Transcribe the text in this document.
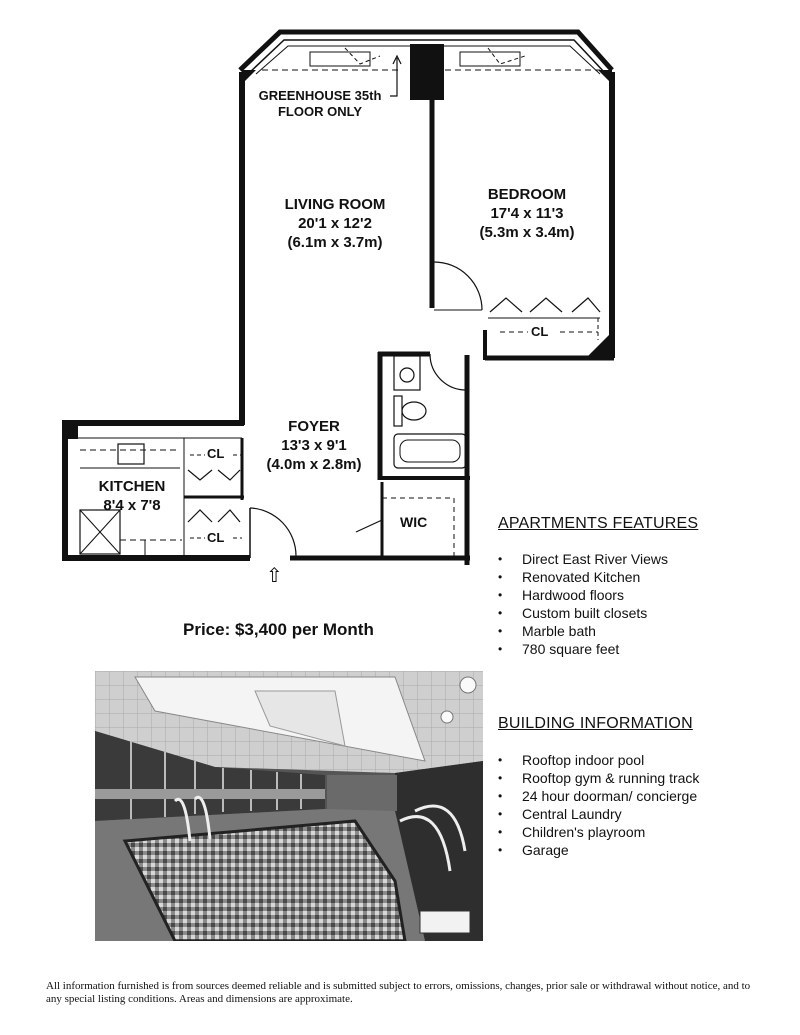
GREENHOUSE 35th
FLOOR ONLY
LIVING ROOM
20'1 x 12'2
(6.1m x 3.7m)
BEDROOM
17'4 x 11'3
(5.3m x 3.4m)
FOYER
13'3 x 9'1
(4.0m x 2.8m)
KITCHEN
8'4 x 7'8
CL
CL
CL
WIC
⇧
Price: $3,400 per Month
APARTMENTS FEATURES
• Direct East River Views
• Renovated Kitchen
• Hardwood floors
• Custom built closets
• Marble bath
• 780 square feet
BUILDING INFORMATION
• Rooftop indoor pool
• Rooftop gym & running track
• 24 hour doorman/ concierge
• Central Laundry
• Children's playroom
• Garage
All information furnished is from sources deemed reliable and is submitted subject to errors, omissions, changes, prior sale or withdrawal without notice, and to any special listing conditions. Areas and dimensions are approximate.
